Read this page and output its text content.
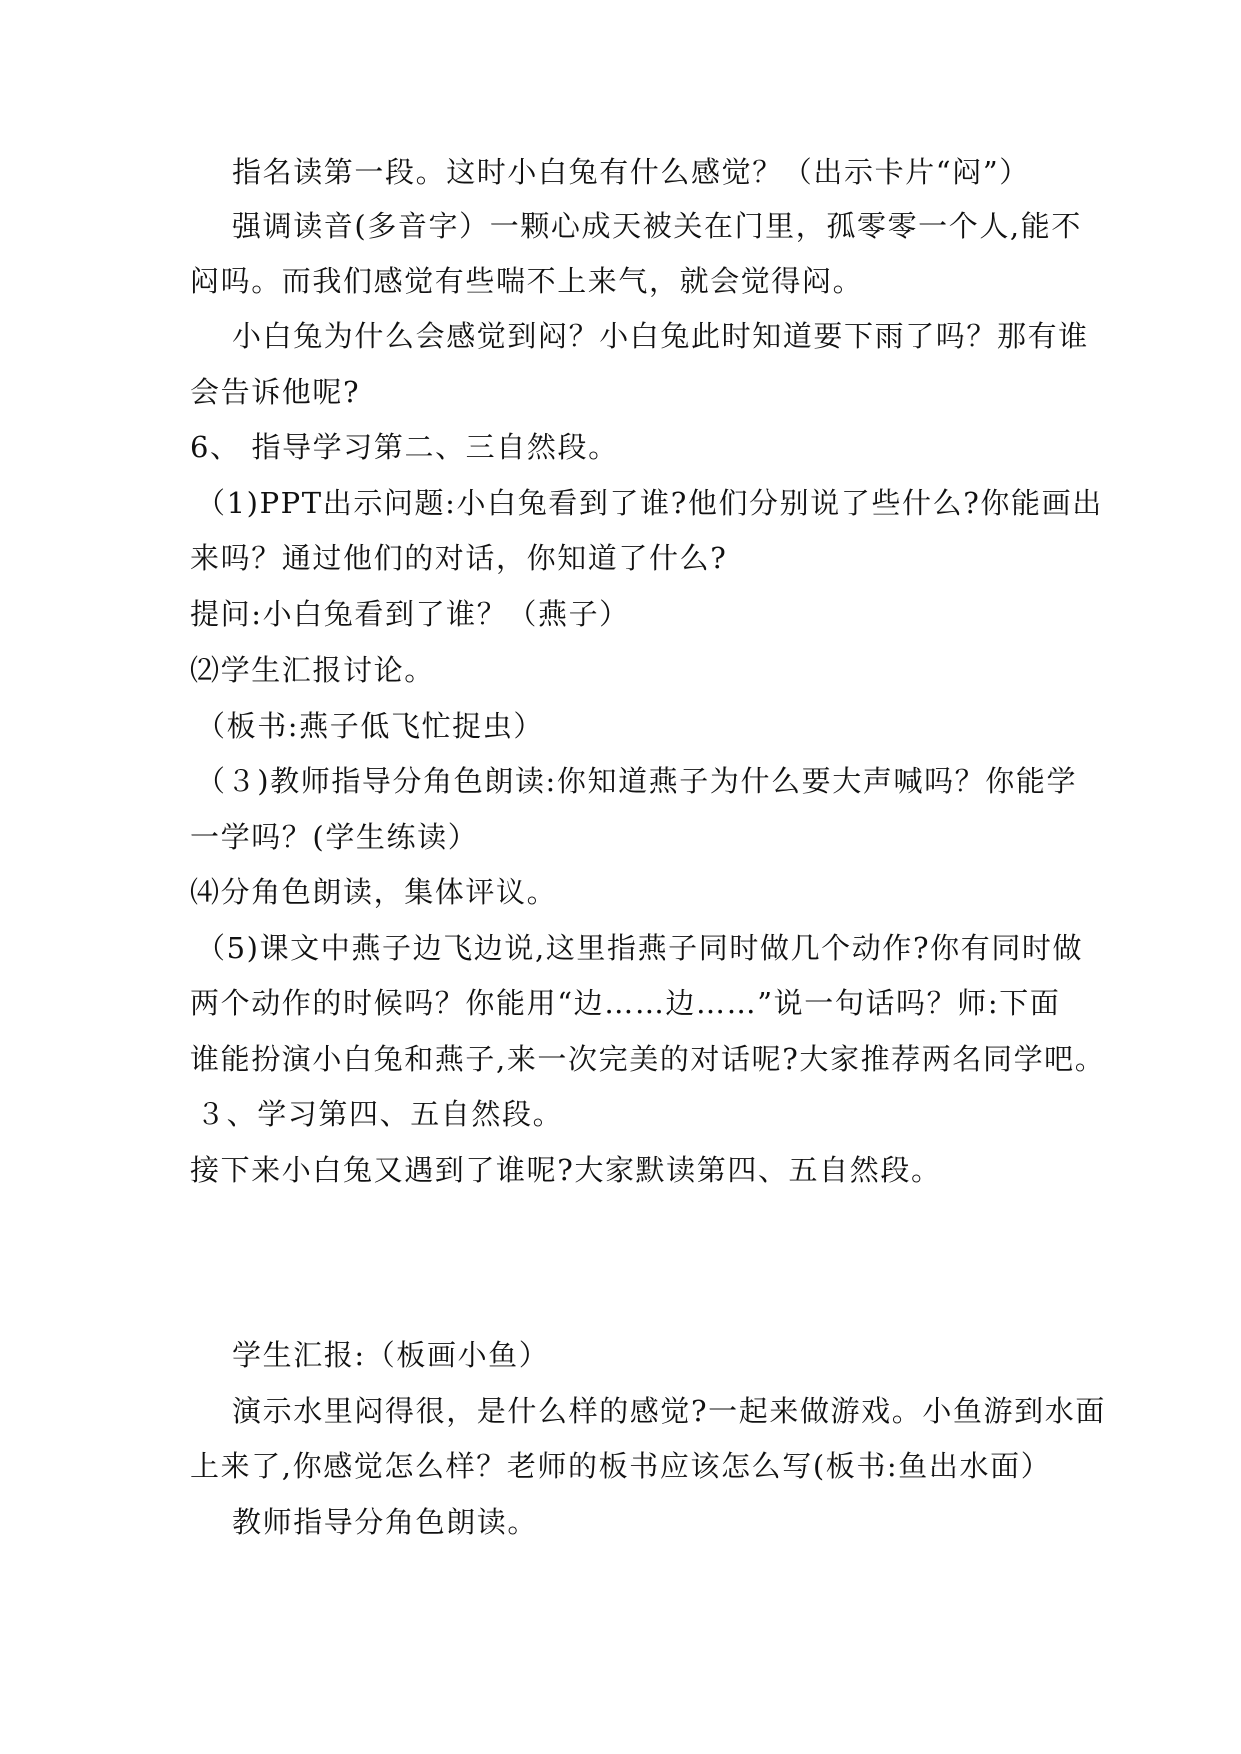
指名读第一段。这时小白兔有什么感觉？（出示卡片“闷”）
强调读音(多音字）一颗心成天被关在门里，孤零零一个人,能不
闷吗。而我们感觉有些喘不上来气，就会觉得闷。
小白兔为什么会感觉到闷？小白兔此时知道要下雨了吗？那有谁
会告诉他呢?
6、 指导学习第二、三自然段。
（1)PPT出示问题:小白兔看到了谁?他们分别说了些什么?你能画出
来吗？通过他们的对话，你知道了什么?
提问:小白兔看到了谁？（燕子）
⑵学生汇报讨论。
（板书:燕子低飞忙捉虫）
（３)教师指导分角色朗读:你知道燕子为什么要大声喊吗？你能学
一学吗？(学生练读）
⑷分角色朗读，集体评议。
（5)课文中燕子边飞边说,这里指燕子同时做几个动作?你有同时做
两个动作的时候吗？你能用“边……边……”说一句话吗？师:下面
谁能扮演小白兔和燕子,来一次完美的对话呢?大家推荐两名同学吧。
３、学习第四、五自然段。
接下来小白兔又遇到了谁呢?大家默读第四、五自然段。
学生汇报:（板画小鱼）
演示水里闷得很，是什么样的感觉?一起来做游戏。小鱼游到水面
上来了,你感觉怎么样？老师的板书应该怎么写(板书:鱼出水面）
教师指导分角色朗读。
